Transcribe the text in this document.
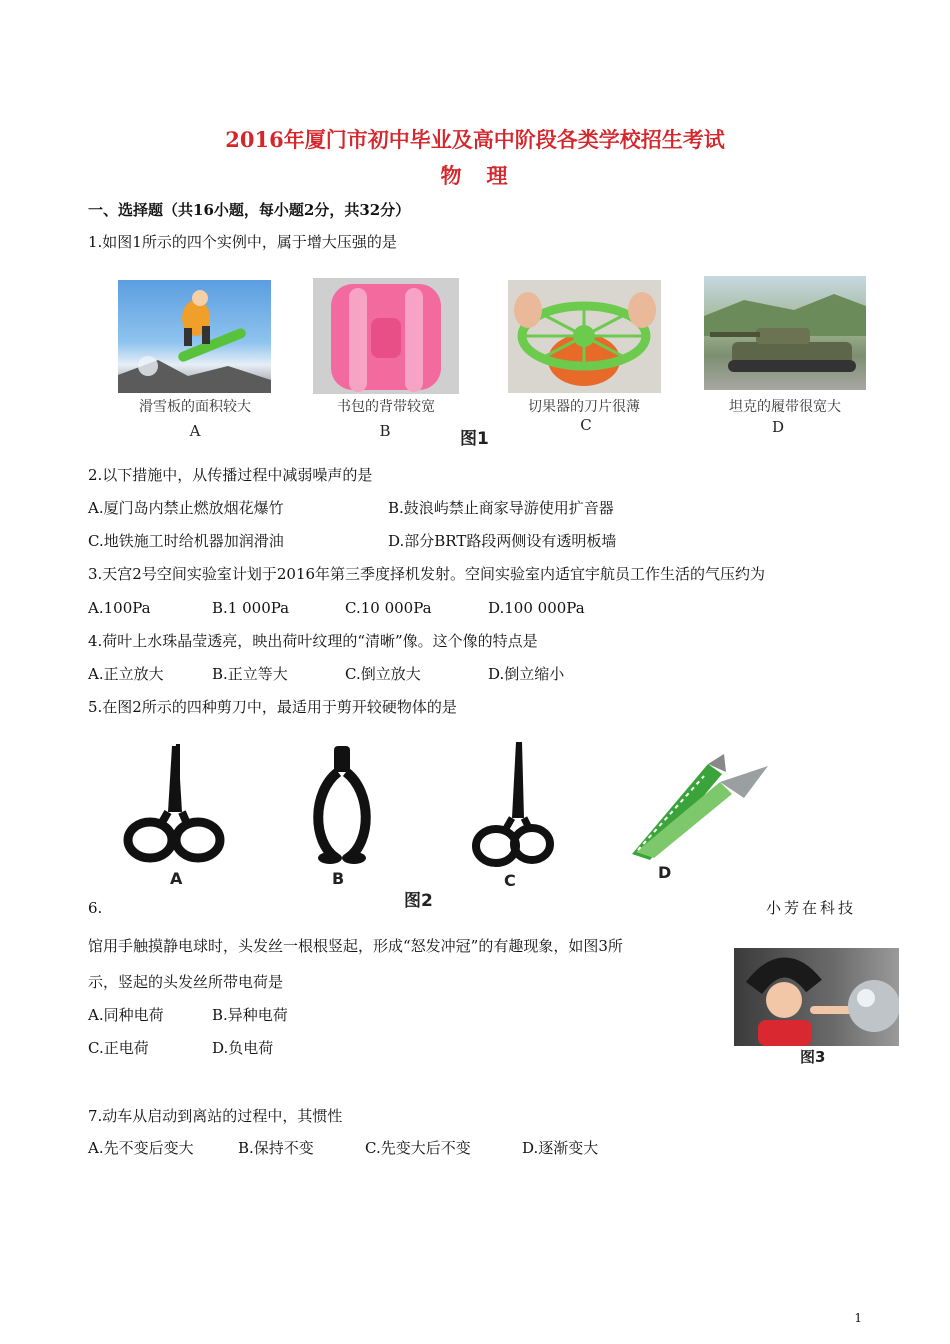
2016年厦门市初中毕业及高中阶段各类学校招生考试
物　理
一、选择题（共16小题，每小题2分，共32分）
1.如图1所示的四个实例中，属于增大压强的是
滑雪板的面积较大	书包的背带较宽	切果器的刀片很薄	坦克的履带很宽大
A	B	C	D
图1
2.以下措施中，从传播过程中减弱噪声的是
A.厦门岛内禁止燃放烟花爆竹	B.鼓浪屿禁止商家导游使用扩音器
C.地铁施工时给机器加润滑油	D.部分BRT路段两侧设有透明板墙
3.天宫2号空间实验室计划于2016年第三季度择机发射。空间实验室内适宜宇航员工作生活的气压约为
A.100Pa	B.1 000Pa	C.10 000Pa	D.100 000Pa
4.荷叶上水珠晶莹透亮，映出荷叶纹理的“清晰”像。这个像的特点是
A.正立放大	B.正立等大	C.倒立放大	D.倒立缩小
5.在图2所示的四种剪刀中，最适用于剪开较硬物体的是
A	B	C	D
图2
6.	小芳在科技
馆用手触摸静电球时，头发丝一根根竖起，形成“怒发冲冠”的有趣现象，如图3所
示，竖起的头发丝所带电荷是
A.同种电荷	B.异种电荷
C.正电荷	D.负电荷	图3
7.动车从启动到离站的过程中，其惯性
A.先不变后变大	B.保持不变	C.先变大后不变	D.逐渐变大
1
